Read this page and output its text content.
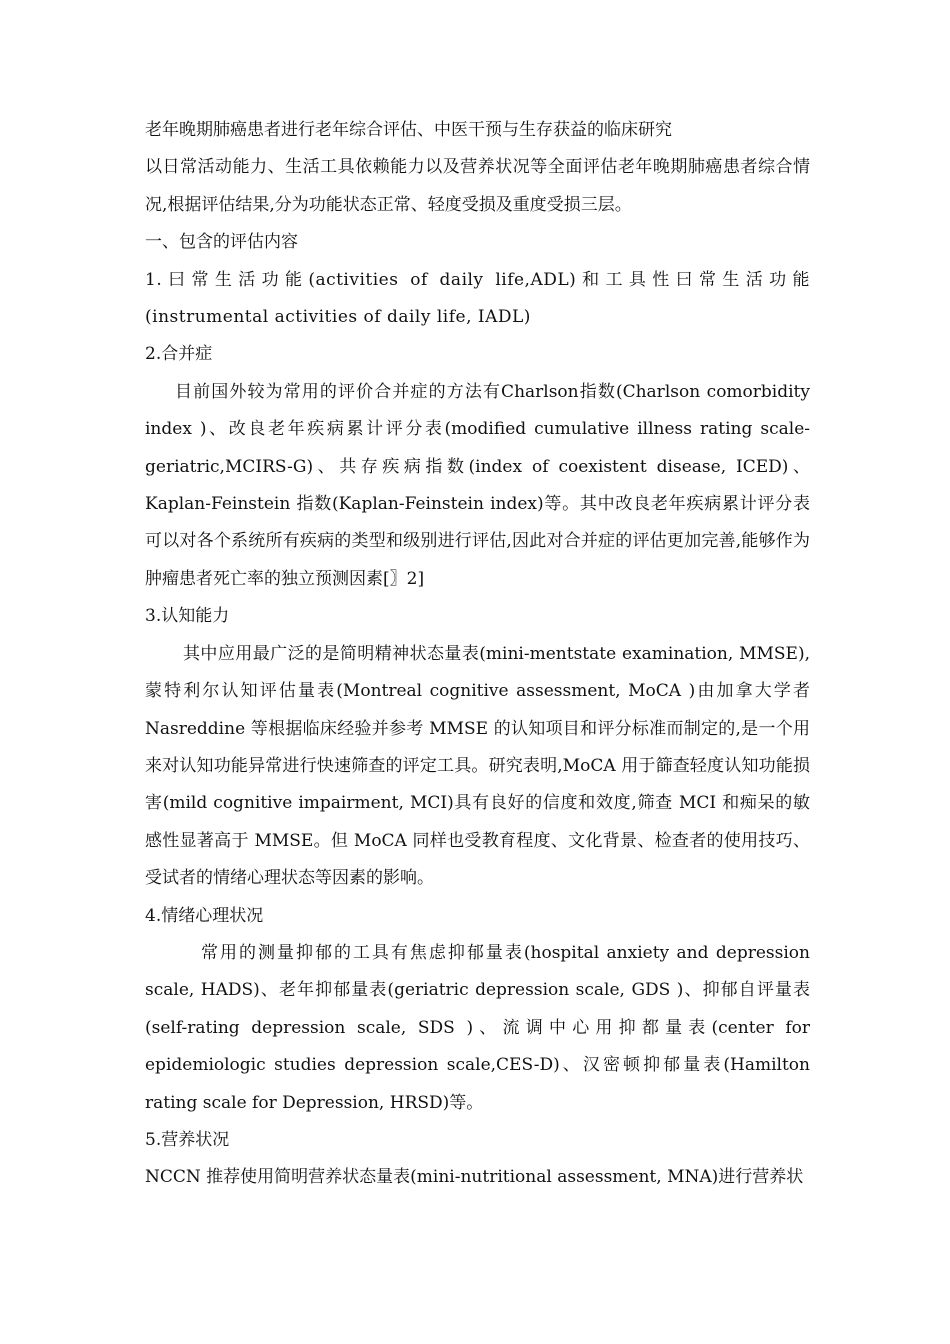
老年晚期肺癌患者进行老年综合评估、中医干预与生存获益的临床研究

以日常活动能力、生活工具依赖能力以及营养状况等全面评估老年晚期肺癌患者综合情况,根据评估结果,分为功能状态正常、轻度受损及重度受损三层。

一、包含的评估内容

1.曰常生活功能(activities of daily life,ADL)和工具性曰常生活功能(instrumental activities of daily life, IADL)

2.合并症

目前国外较为常用的评价合并症的方法有Charlson指数(Charlson comorbidity index )、改良老年疾病累计评分表(modified cumulative illness rating scale-geriatric,MCIRS-G)、共存疾病指数(index of coexistent disease, ICED)、Kaplan-Feinstein 指数(Kaplan-Feinstein index)等。其中改良老年疾病累计评分表可以对各个系统所有疾病的类型和级别进行评估,因此对合并症的评估更加完善,能够作为肿瘤患者死亡率的独立预测因素[〗2]

3.认知能力

其中应用最广泛的是简明精神状态量表(mini-mentstate examination, MMSE),蒙特利尔认知评估量表(Montreal cognitive assessment, MoCA )由加拿大学者 Nasreddine 等根据临床经验并参考 MMSE 的认知项目和评分标准而制定的,是一个用来对认知功能异常进行快速筛查的评定工具。研究表明,MoCA 用于篩查轻度认知功能损害(mild cognitive impairment, MCI)具有良好的信度和效度,筛查 MCI 和痴呆的敏感性显著高于 MMSE。但 MoCA 同样也受教育程度、文化背景、检查者的使用技巧、受试者的情绪心理状态等因素的影响。

4.情绪心理状况

常用的测量抑郁的工具有焦虑抑郁量表(hospital anxiety and depression scale, HADS)、老年抑郁量表(geriatric depression scale, GDS )、抑郁自评量表(self-rating depression scale, SDS )、流调中心用抑都量表(center for epidemiologic studies depression scale,CES-D)、汉密顿抑郁量表(Hamilton rating scale for Depression, HRSD)等。

5.营养状况

NCCN 推荐使用简明营养状态量表(mini-nutritional assessment, MNA)进行营养状
